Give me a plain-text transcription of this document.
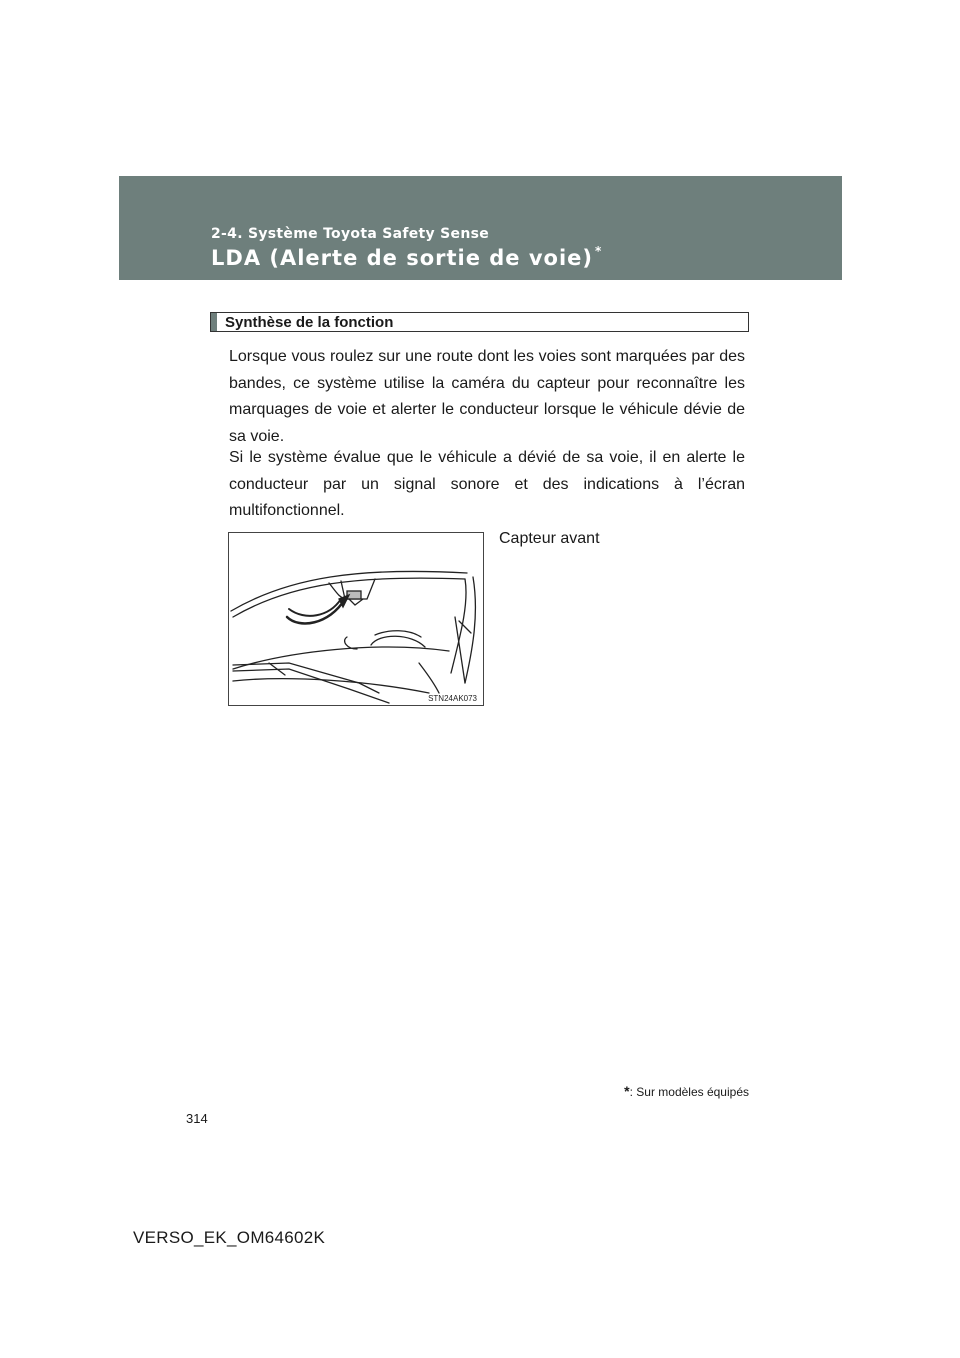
2-4. Système Toyota Safety Sense
LDA (Alerte de sortie de voie) *
Synthèse de la fonction

Lorsque vous roulez sur une route dont les voies sont marquées par des bandes, ce système utilise la caméra du capteur pour reconnaître les marquages de voie et alerter le conducteur lorsque le véhicule dévie de sa voie.

Si le système évalue que le véhicule a dévié de sa voie, il en alerte le conducteur par un signal sonore et des indications à l’écran multifonctionnel.

STN24AK073
Capteur avant
*: Sur modèles équipés
314
VERSO_EK_OM64602K
